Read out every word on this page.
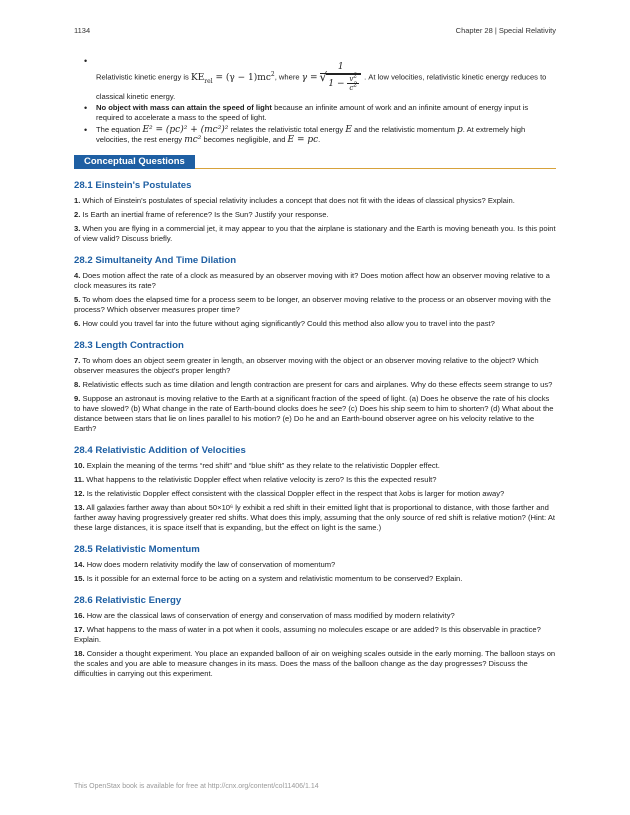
1134	Chapter 28 | Special Relativity
• Relativistic kinetic energy is $KE_{rel} = (\gamma - 1)mc^2$, where γ = 1
√ $1 - \frac{v^2}{c^2}$ . At low velocities, relativistic kinetic energy reduces to classical kinetic energy.
• No object with mass can attain the speed of light because an infinite amount of work and an infinite amount of energy input is required to accelerate a mass to the speed of light.
• The equation E² = (pc)² + (mc²)² relates the relativistic total energy E and the relativistic momentum p. At extremely high velocities, the rest energy mc² becomes negligible, and E = pc.
Conceptual Questions
28.1 Einstein's Postulates

1. Which of Einstein's postulates of special relativity includes a concept that does not fit with the ideas of classical physics? Explain.

2. Is Earth an inertial frame of reference? Is the Sun? Justify your response.

3. When you are flying in a commercial jet, it may appear to you that the airplane is stationary and the Earth is moving beneath you. Is this point of view valid? Discuss briefly.

28.2 Simultaneity And Time Dilation

4. Does motion affect the rate of a clock as measured by an observer moving with it? Does motion affect how an observer moving relative to a clock measures its rate?

5. To whom does the elapsed time for a process seem to be longer, an observer moving relative to the process or an observer moving with the process? Which observer measures proper time?

6. How could you travel far into the future without aging significantly? Could this method also allow you to travel into the past?

28.3 Length Contraction

7. To whom does an object seem greater in length, an observer moving with the object or an observer moving relative to the object? Which observer measures the object's proper length?

8. Relativistic effects such as time dilation and length contraction are present for cars and airplanes. Why do these effects seem strange to us?

9. Suppose an astronaut is moving relative to the Earth at a significant fraction of the speed of light. (a) Does he observe the rate of his clocks to have slowed? (b) What change in the rate of Earth-bound clocks does he see? (c) Does his ship seem to him to shorten? (d) What about the distance between stars that lie on lines parallel to his motion? (e) Do he and an Earth-bound observer agree on his velocity relative to the Earth?

28.4 Relativistic Addition of Velocities

10. Explain the meaning of the terms “red shift” and “blue shift” as they relate to the relativistic Doppler effect.

11. What happens to the relativistic Doppler effect when relative velocity is zero? Is this the expected result?

12. Is the relativistic Doppler effect consistent with the classical Doppler effect in the respect that λobs is larger for motion away?

13. All galaxies farther away than about 50×10⁶ ly exhibit a red shift in their emitted light that is proportional to distance, with those farther and farther away having progressively greater red shifts. What does this imply, assuming that the only source of red shift is relative motion? (Hint: At these large distances, it is space itself that is expanding, but the effect on light is the same.)

28.5 Relativistic Momentum

14. How does modern relativity modify the law of conservation of momentum?

15. Is it possible for an external force to be acting on a system and relativistic momentum to be conserved? Explain.

28.6 Relativistic Energy

16. How are the classical laws of conservation of energy and conservation of mass modified by modern relativity?

17. What happens to the mass of water in a pot when it cools, assuming no molecules escape or are added? Is this observable in practice? Explain.

18. Consider a thought experiment. You place an expanded balloon of air on weighing scales outside in the early morning. The balloon stays on the scales and you are able to measure changes in its mass. Does the mass of the balloon change as the day progresses? Discuss the difficulties in carrying out this experiment.

This OpenStax book is available for free at http://cnx.org/content/col11406/1.14
